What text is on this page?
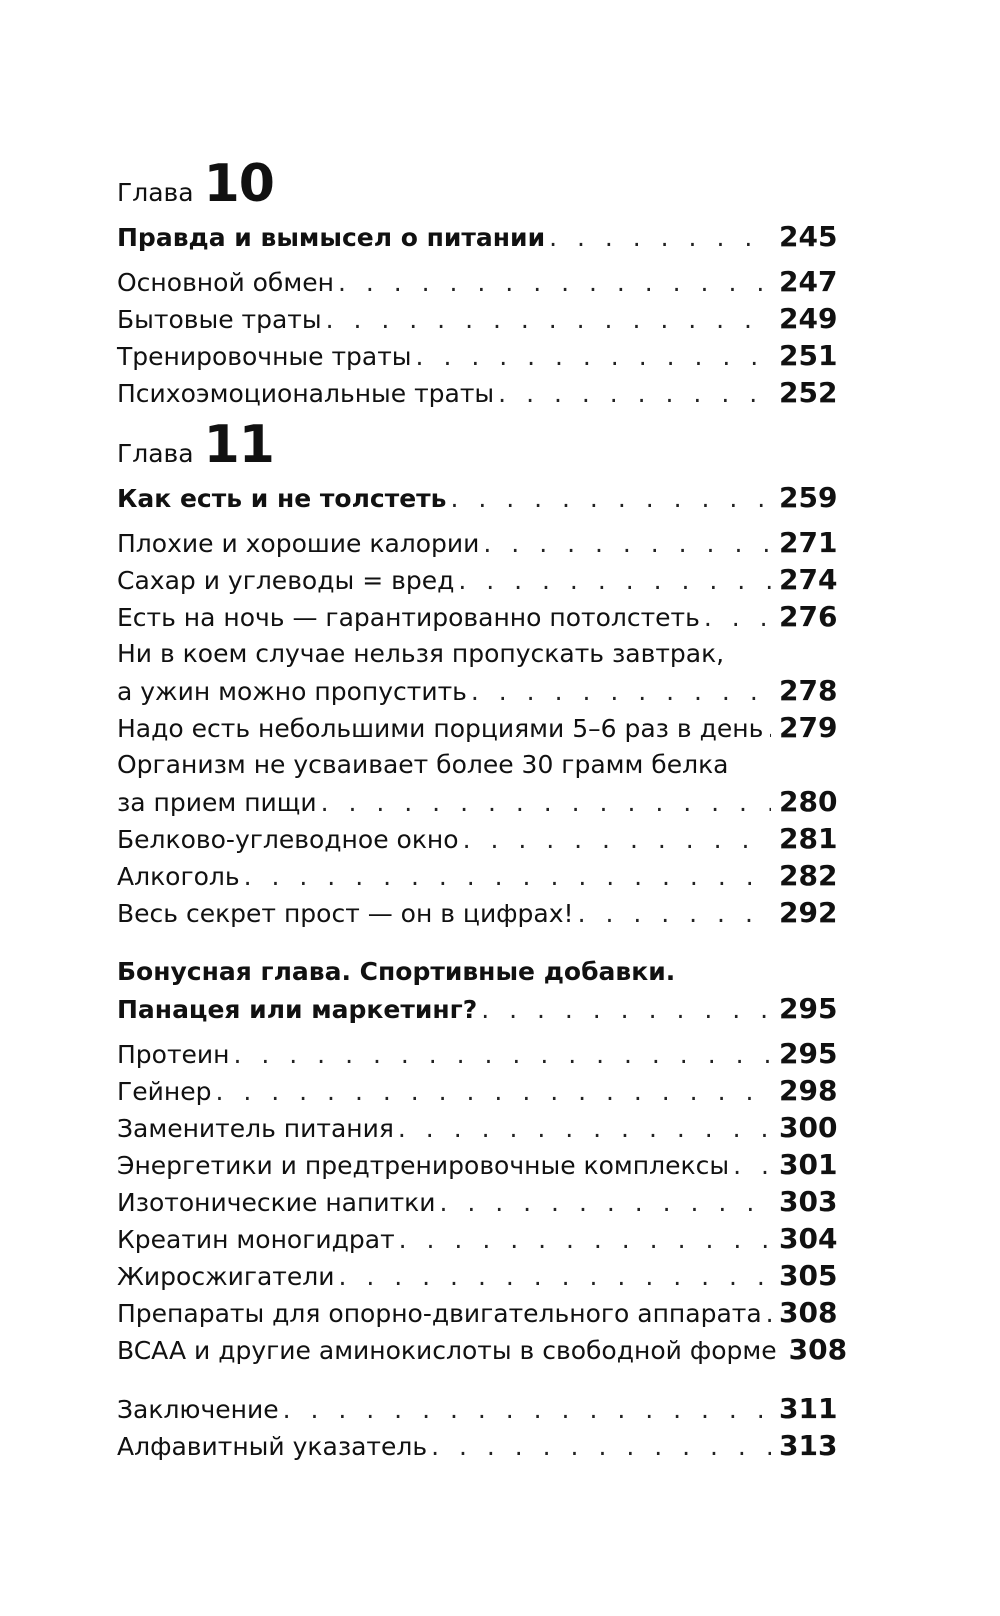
Глава 10
Правда и вымысел о питании . . .	245
Основной обмен . . .	247
Бытовые траты . . .	249
Тренировочные траты . . .	251
Психоэмоциональные траты . . .	252
Глава 11
Как есть и не толстеть . . .	259
Плохие и хорошие калории . . .	271
Сахар и углеводы = вред . . .	274
Есть на ночь — гарантированно потолстеть . . .	276
Ни в коем случае нельзя пропускать завтрак,
а ужин можно пропустить . . .	278
Надо есть небольшими порциями 5–6 раз в день . . . 279
Организм не усваивает более 30 грамм белка
за прием пищи . . .	280
Белково-углеводное окно . . .	281
Алкоголь . . .	282
Весь секрет прост — он в цифрах! . . .	292
Бонусная глава. Спортивные добавки.
Панацея или маркетинг? . . .	295
Протеин . . .	295
Гейнер . . .	298
Заменитель питания . . .	300
Энергетики и предтренировочные комплексы . . . 301
Изотонические напитки . . .	303
Креатин моногидрат . . .	304
Жиросжигатели . . .	305
Препараты для опорно-двигательного аппарата . . . 308
BCAA и другие аминокислоты в свободной форме 308
Заключение . . .	311
Алфавитный указатель . . .	313
